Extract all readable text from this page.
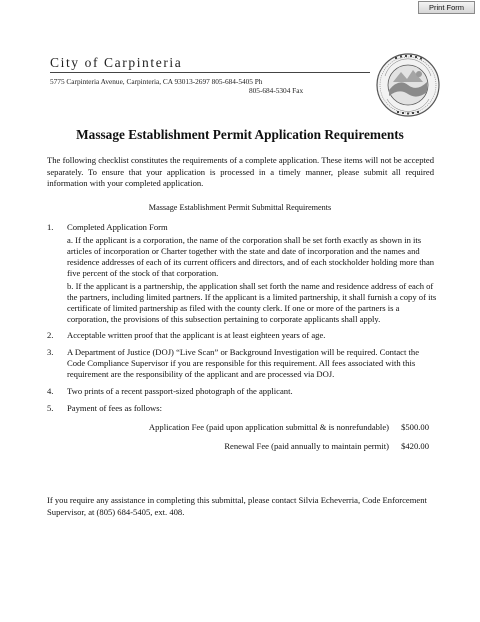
Print Form
City of Carpinteria
5775 Carpinteria Avenue, Carpinteria, CA 93013-2697 805-684-5405 Ph
805-684-5304 Fax
Massage Establishment Permit Application Requirements
The following checklist constitutes the requirements of a complete application. These items will not be accepted separately. To ensure that your application is processed in a timely manner, please submit all required information with your completed application.
Massage Establishment Permit Submittal Requirements
1. Completed Application Form
a. If the applicant is a corporation, the name of the corporation shall be set forth exactly as shown in its articles of incorporation or Charter together with the state and date of incorporation and the names and residence addresses of each of its current officers and directors, and of each stockholder holding more than five percent of the stock of that corporation.
b. If the applicant is a partnership, the application shall set forth the name and residence address of each of the partners, including limited partners. If the applicant is a limited partnership, it shall furnish a copy of its certificate of limited partnership as filed with the county clerk. If one or more of the partners is a corporation, the provisions of this subsection pertaining to corporate applicants shall apply.
2. Acceptable written proof that the applicant is at least eighteen years of age.
3. A Department of Justice (DOJ) “Live Scan” or Background Investigation will be required. Contact the Code Compliance Supervisor if you are responsible for this requirement. All fees associated with this requirement are the responsibility of the applicant and are processed via DOJ.
4. Two prints of a recent passport-sized photograph of the applicant.
5. Payment of fees as follows:
Application Fee (paid upon application submittal & is nonrefundable) $500.00
Renewal Fee (paid annually to maintain permit) $420.00
If you require any assistance in completing this submittal, please contact Silvia Echeverria, Code Enforcement Supervisor, at (805) 684-5405, ext. 408.
